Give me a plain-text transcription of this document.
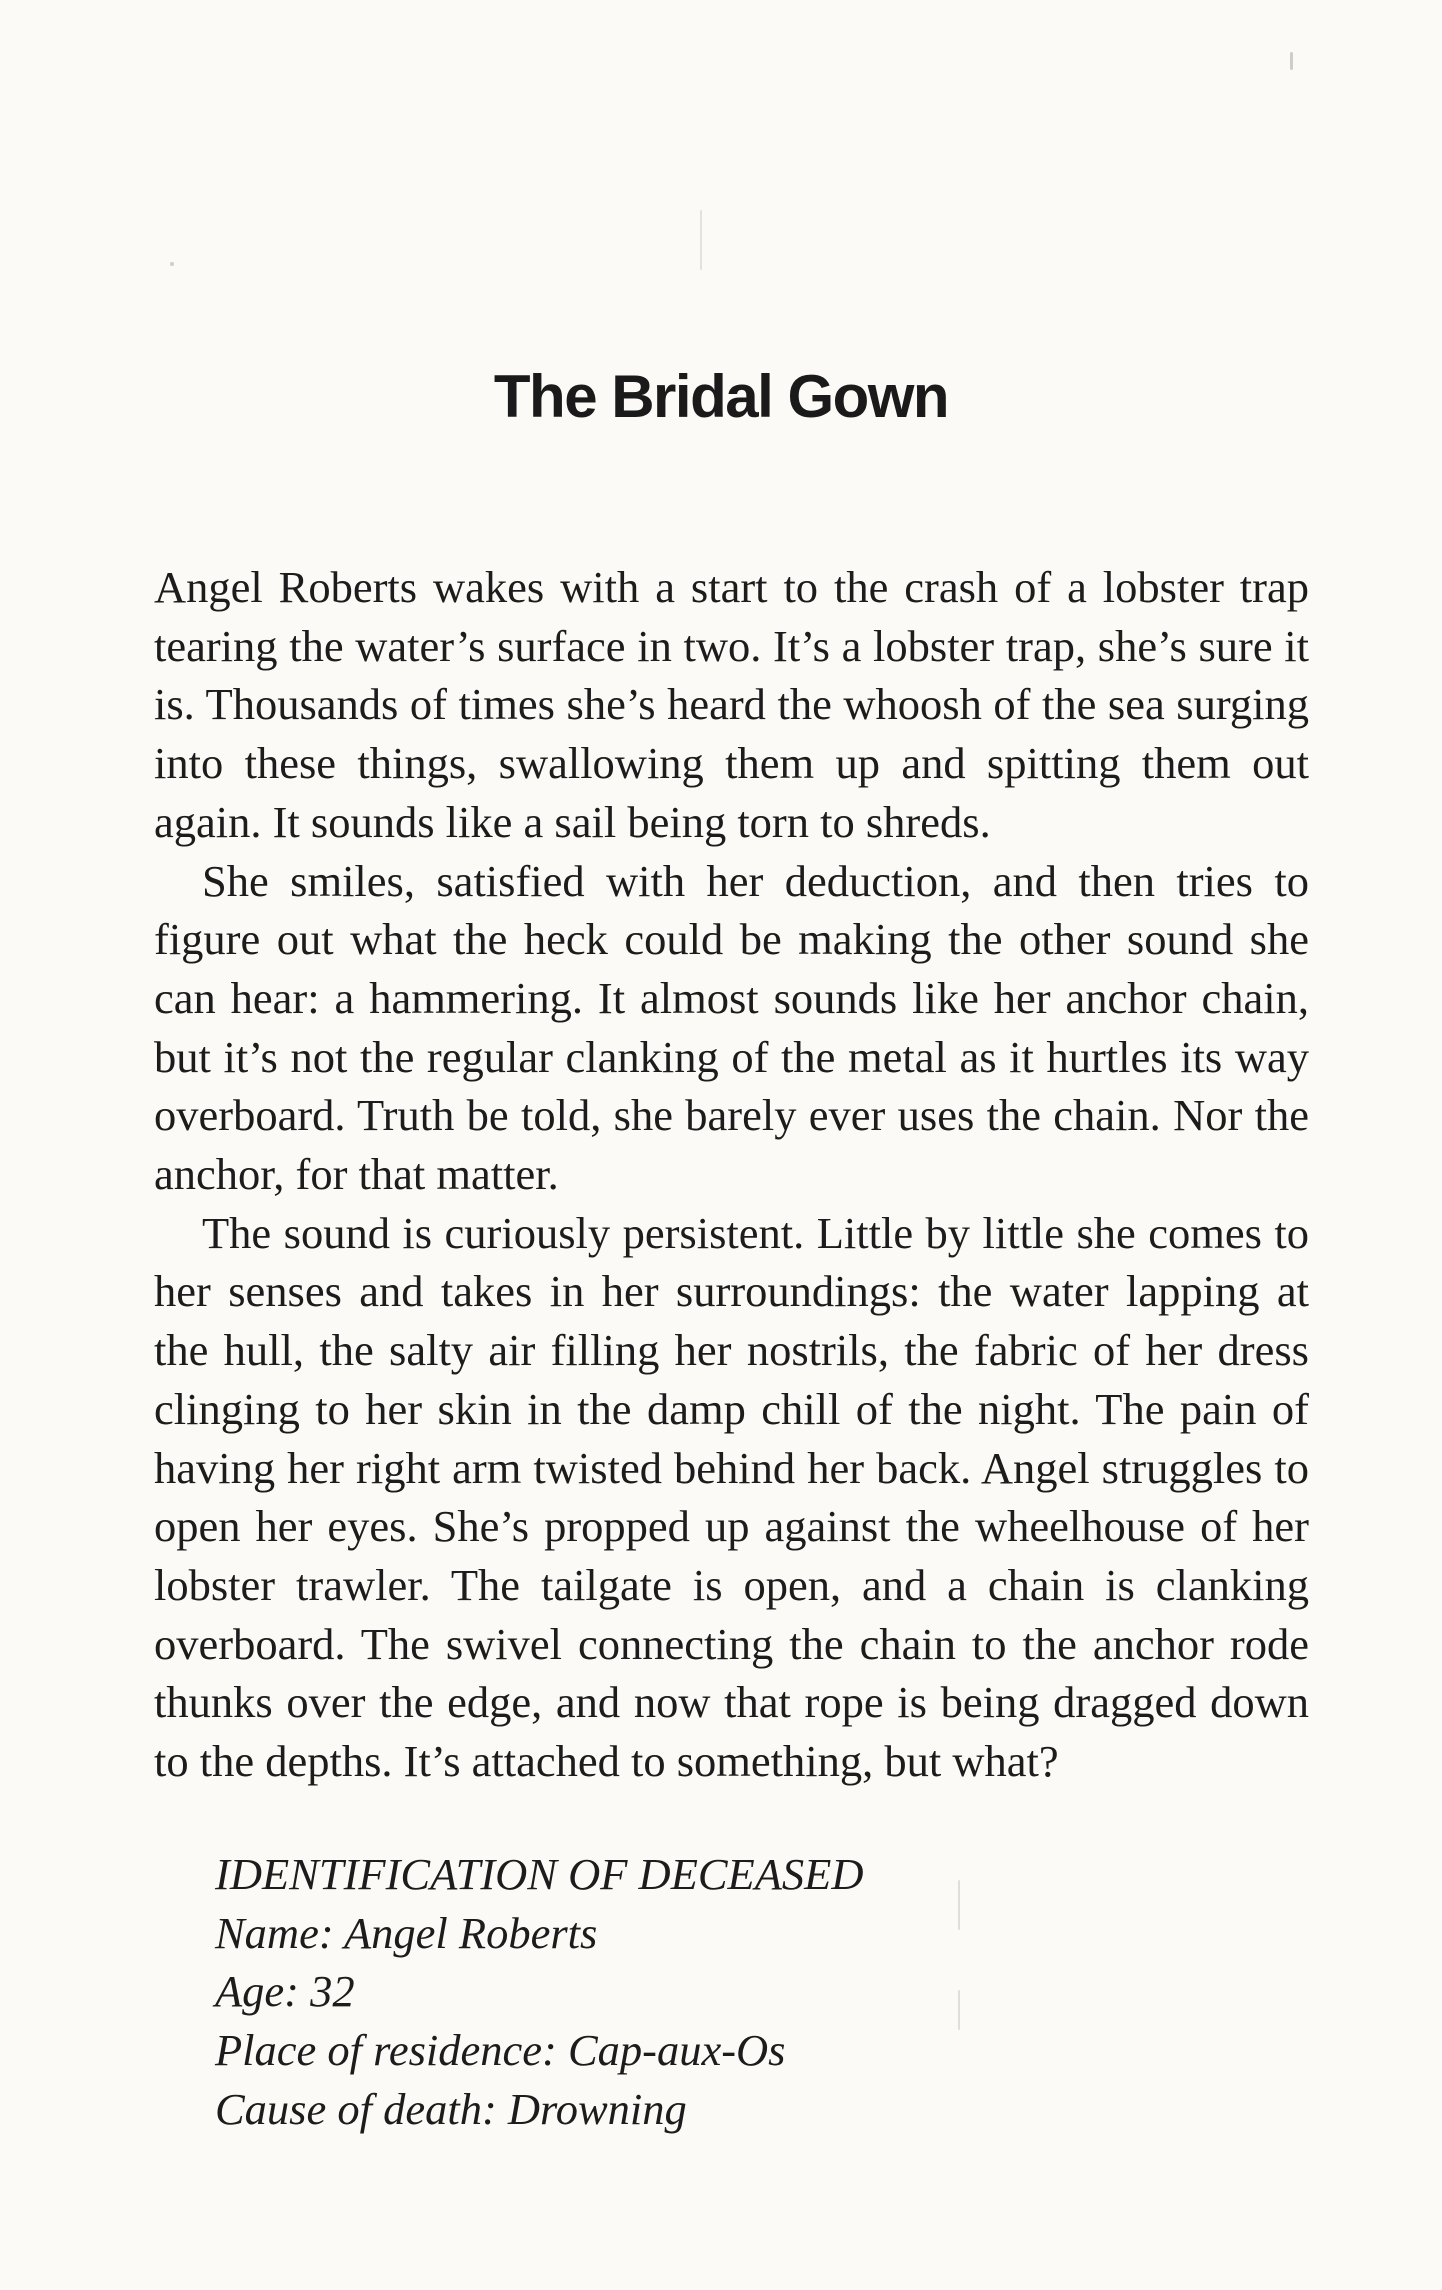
The Bridal Gown

Angel Roberts wakes with a start to the crash of a lobster trap tearing the water’s surface in two. It’s a lobster trap, she’s sure it is. Thousands of times she’s heard the whoosh of the sea surging into these things, swallowing them up and spitting them out again. It sounds like a sail being torn to shreds.

She smiles, satisfied with her deduction, and then tries to figure out what the heck could be making the other sound she can hear: a hammering. It almost sounds like her anchor chain, but it’s not the regular clanking of the metal as it hurtles its way overboard. Truth be told, she barely ever uses the chain. Nor the anchor, for that matter.

The sound is curiously persistent. Little by little she comes to her senses and takes in her surroundings: the water lapping at the hull, the salty air filling her nostrils, the fabric of her dress clinging to her skin in the damp chill of the night. The pain of having her right arm twisted behind her back. Angel struggles to open her eyes. She’s propped up against the wheelhouse of her lobster trawler. The tailgate is open, and a chain is clanking overboard. The swivel connecting the chain to the anchor rode thunks over the edge, and now that rope is being dragged down to the depths. It’s attached to something, but what?

IDENTIFICATION OF DECEASED
Name: Angel Roberts
Age: 32
Place of residence: Cap-aux-Os
Cause of death: Drowning
